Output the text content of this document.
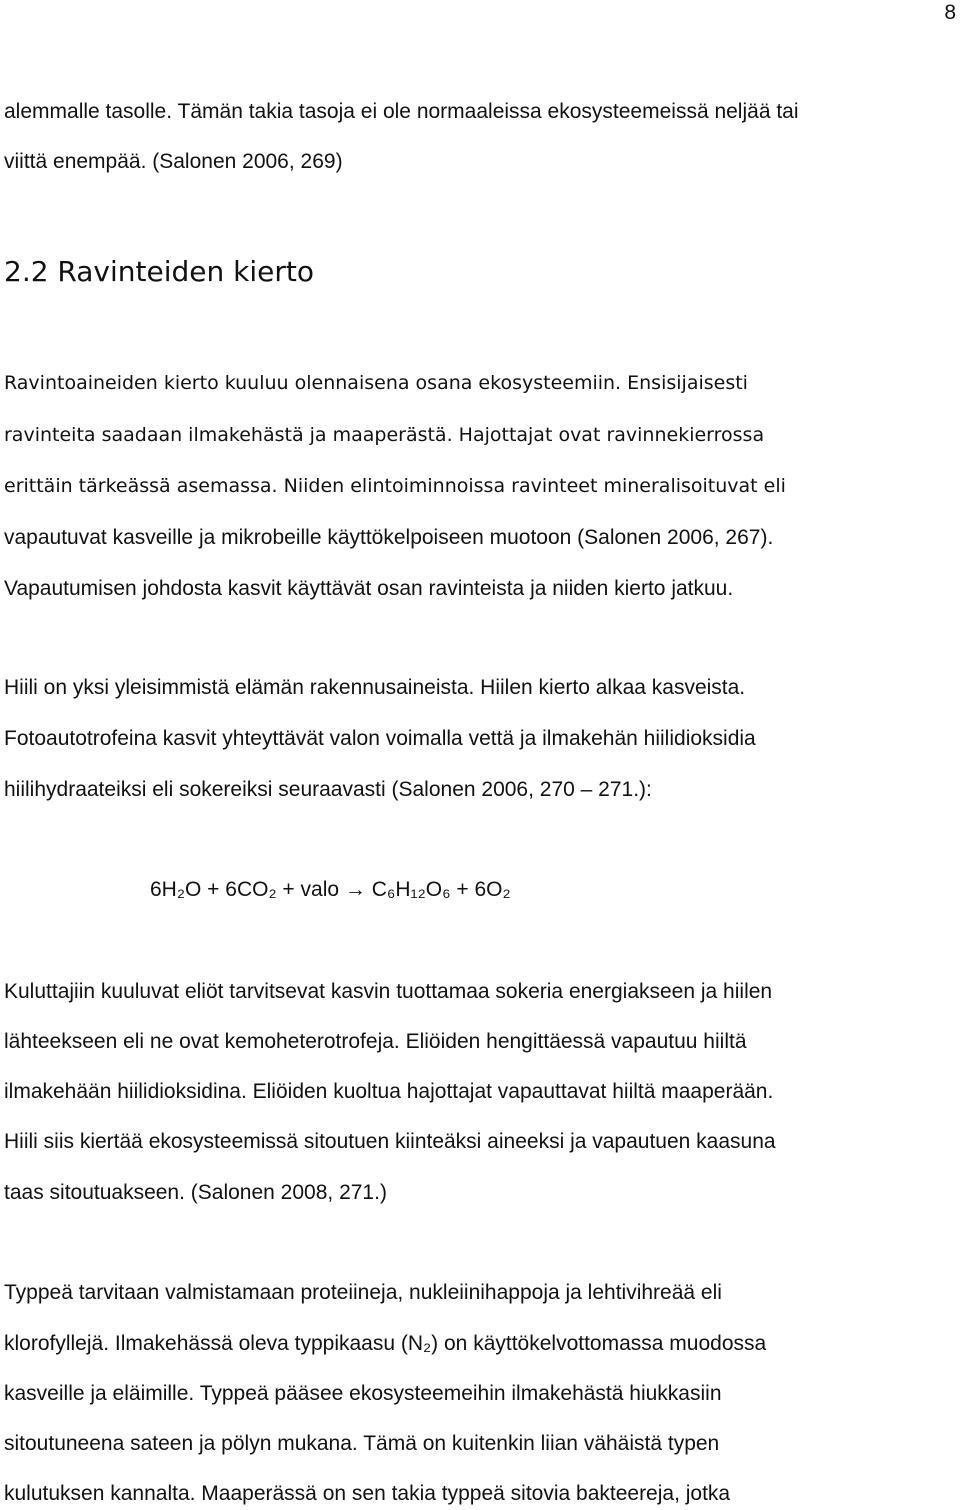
8

alemmalle tasolle. Tämän takia tasoja ei ole normaaleissa ekosysteemeissä neljää tai

viittä enempää. (Salonen 2006, 269)

2.2 Ravinteiden kierto

Ravintoaineiden kierto kuuluu olennaisena osana ekosysteemiin. Ensisijaisesti

ravinteita saadaan ilmakehästä ja maaperästä. Hajottajat ovat ravinnekierrossa

erittäin tärkeässä asemassa. Niiden elintoiminnoissa ravinteet mineralisoituvat eli

vapautuvat kasveille ja mikrobeille käyttökelpoiseen muotoon (Salonen 2006, 267).

Vapautumisen johdosta kasvit käyttävät osan ravinteista ja niiden kierto jatkuu.

Hiili on yksi yleisimmistä elämän rakennusaineista. Hiilen kierto alkaa kasveista.

Fotoautotrofeina kasvit yhteyttävät valon voimalla vettä ja ilmakehän hiilidioksidia

hiilihydraateiksi eli sokereiksi seuraavasti (Salonen 2006, 270 – 271.):

6H₂O + 6CO₂ + valo → C₆H₁₂O₆ + 6O₂

Kuluttajiin kuuluvat eliöt tarvitsevat kasvin tuottamaa sokeria energiakseen ja hiilen

lähteekseen eli ne ovat kemoheterotrofeja. Eliöiden hengittäessä vapautuu hiiltä

ilmakehään hiilidioksidina. Eliöiden kuoltua hajottajat vapauttavat hiiltä maaperään.

Hiili siis kiertää ekosysteemissä sitoutuen kiinteäksi aineeksi ja vapautuen kaasuna

taas sitoutuakseen. (Salonen 2008, 271.)

Typpeä tarvitaan valmistamaan proteiineja, nukleiinihappoja ja lehtivihreää eli

klorofyllejä. Ilmakehässä oleva typpikaasu (N₂) on käyttökelvottomassa muodossa

kasveille ja eläimille. Typpeä pääsee ekosysteemeihin ilmakehästä hiukkasiin

sitoutuneena sateen ja pölyn mukana. Tämä on kuitenkin liian vähäistä typen

kulutuksen kannalta. Maaperässä on sen takia typpeä sitovia bakteereja, jotka
